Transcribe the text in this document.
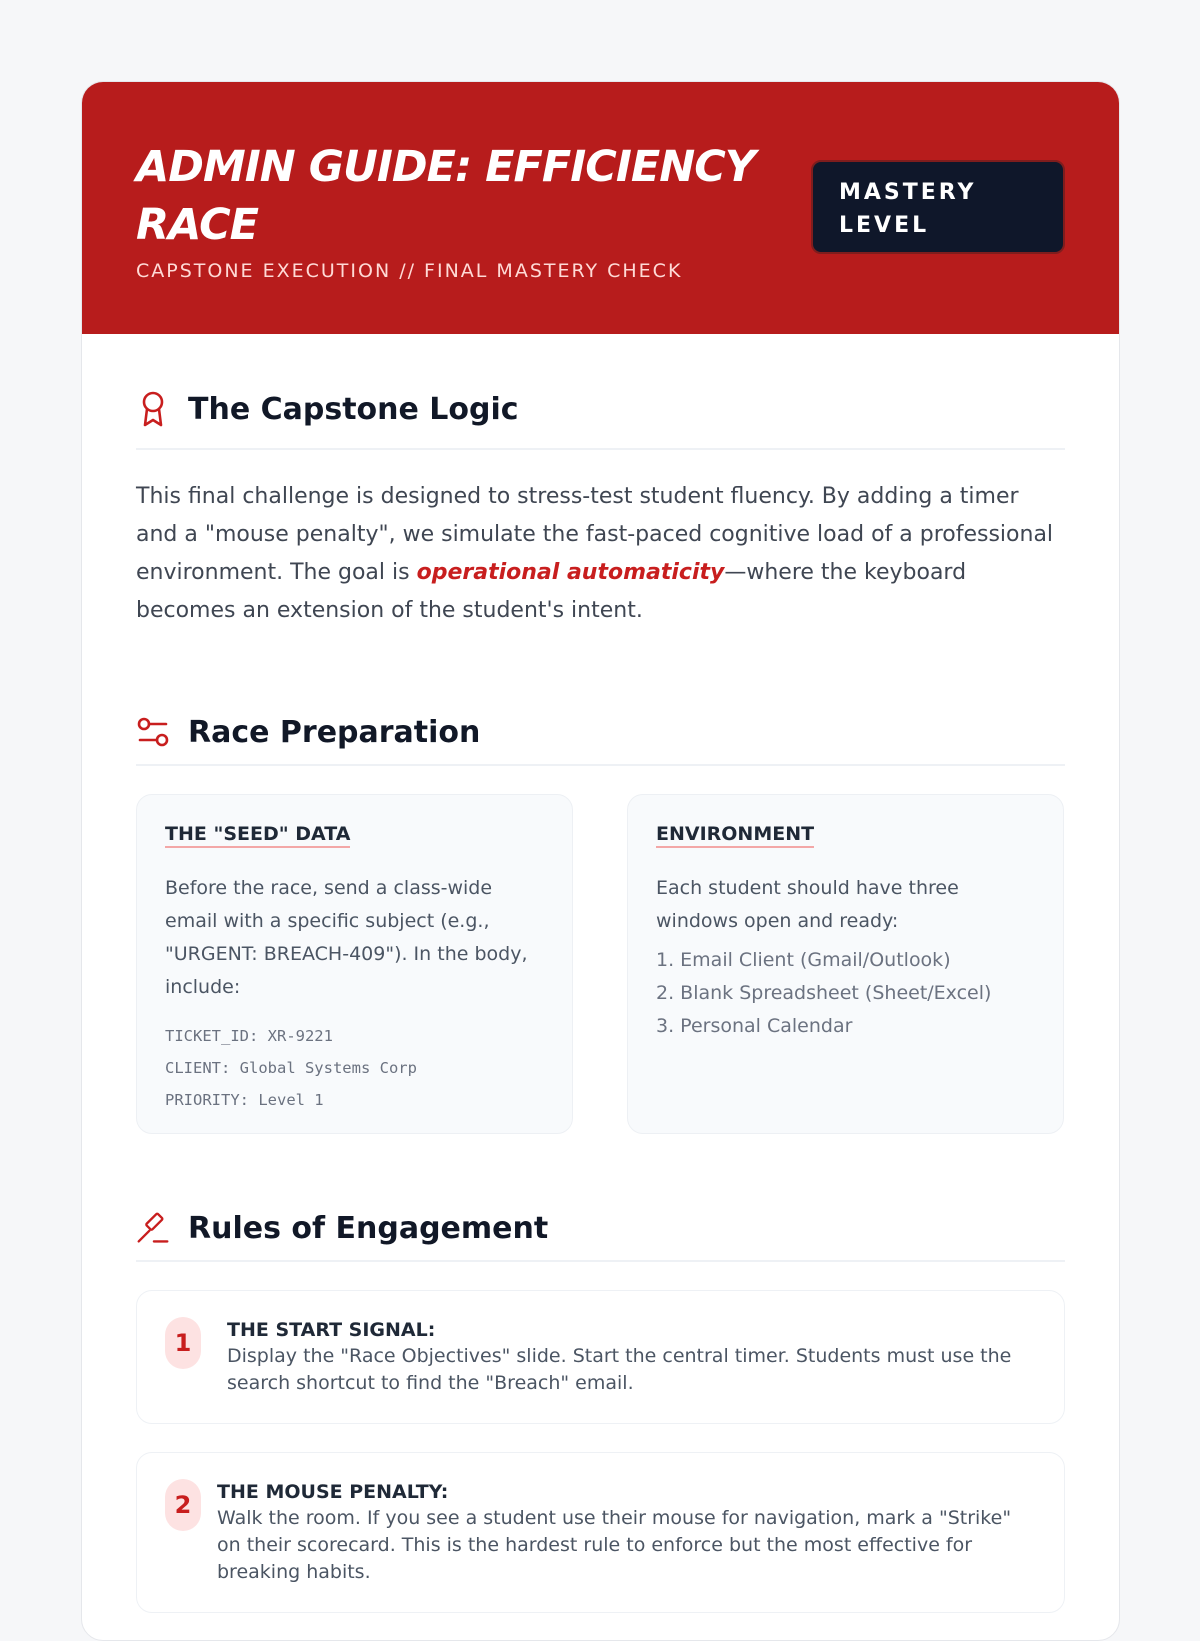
ADMIN GUIDE: EFFICIENCY RACE
CAPSTONE EXECUTION // FINAL MASTERY CHECK
MASTERY LEVEL
The Capstone Logic

This final challenge is designed to stress-test student fluency. By adding a timer and a "mouse penalty", we simulate the fast-paced cognitive load of a professional environment. The goal is operational automaticity—where the keyboard becomes an extension of the student's intent.

Race Preparation
THE "SEED" DATA

Before the race, send a class-wide email with a specific subject (e.g., "URGENT: BREACH-409"). In the body, include:

TICKET_ID: XR-9221
CLIENT: Global Systems Corp
PRIORITY: Level 1
ENVIRONMENT

Each student should have three windows open and ready:

1. Email Client (Gmail/Outlook)
2. Blank Spreadsheet (Sheet/Excel)
3. Personal Calendar
Rules of Engagement
1	THE START SIGNAL:
Display the "Race Objectives" slide. Start the central timer. Students must use the search shortcut to find the "Breach" email.
2	THE MOUSE PENALTY:
Walk the room. If you see a student use their mouse for navigation, mark a "Strike" on their scorecard. This is the hardest rule to enforce but the most effective for breaking habits.
